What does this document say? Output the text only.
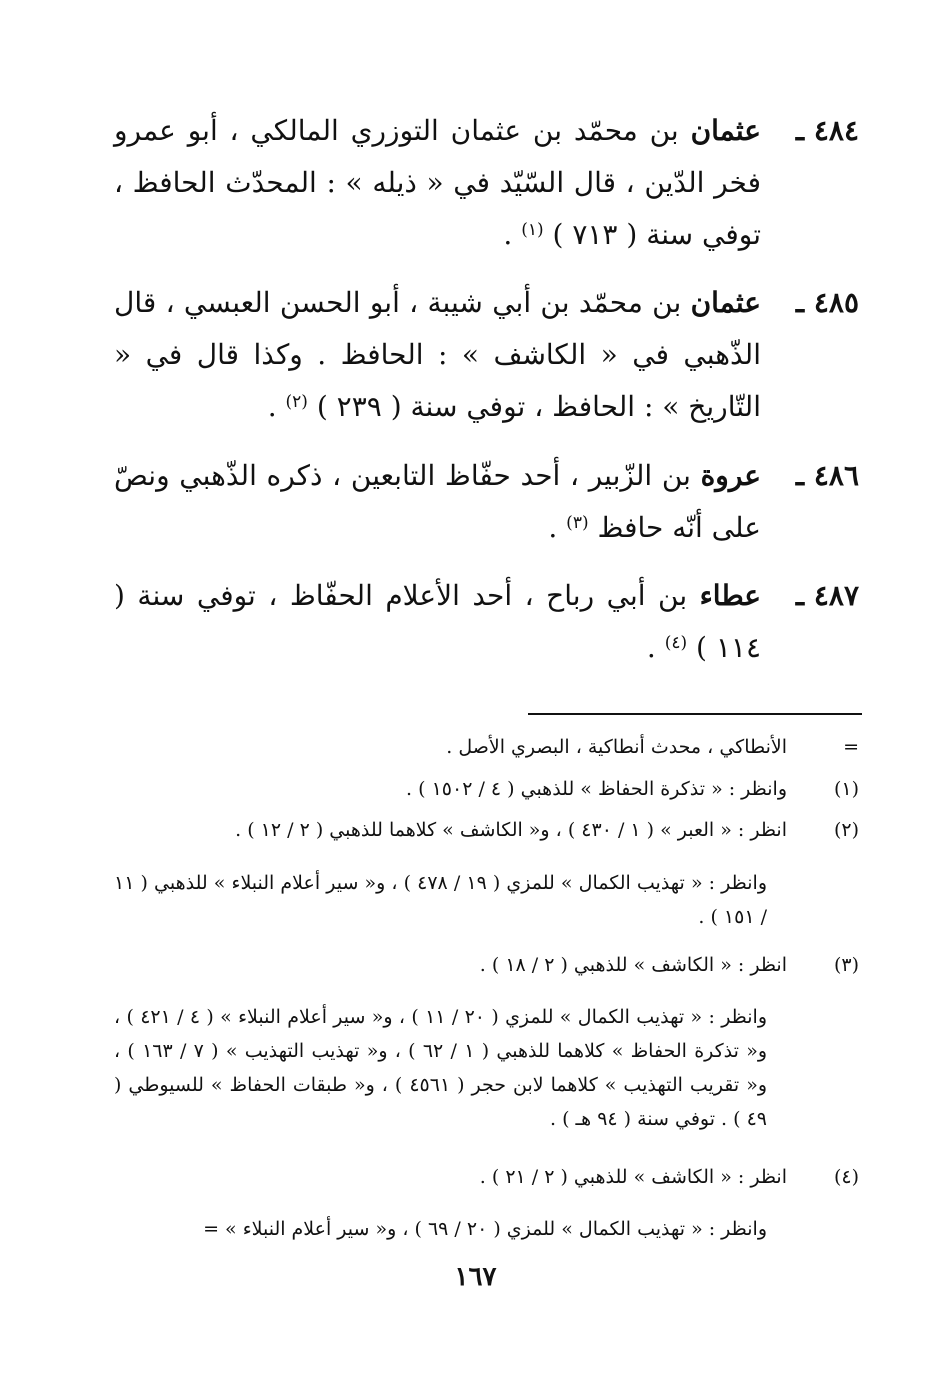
٤٨٤ ـ
عثمان بن محمّد بن عثمان التوزري المالكي ، أبو عمرو فخر الدّين ، قال السّيّد في « ذيله » : المحدّث الحافظ ، توفي سنة ( ٧١٣ ) $^{(١)}$ .
٤٨٥ ـ
عثمان بن محمّد بن أبي شيبة ، أبو الحسن العبسي ، قال الذّهبي في « الكاشف » : الحافظ . وكذا قال في « التّاريخ » : الحافظ ، توفي سنة ( ٢٣٩ ) $^{(٢)}$ .
٤٨٦ ـ
عروة بن الزّبير ، أحد حفّاظ التابعين ، ذكره الذّهبي ونصّ على أنّه حافظ $^{(٣)}$ .
٤٨٧ ـ
عطاء بن أبي رباح ، أحد الأعلام الحفّاظ ، توفي سنة ( ١١٤ ) $^{(٤)}$ .
=
الأنطاكي ، محدث أنطاكية ، البصري الأصل .
(١)
وانظر : « تذكرة الحفاظ » للذهبي ( ٤ / ١٥٠٢ ) .
(٢)
انظر : « العبر » ( ١ / ٤٣٠ ) ، و« الكاشف » كلاهما للذهبي ( ٢ / ١٢ ) .
وانظر : « تهذيب الكمال » للمزي ( ١٩ / ٤٧٨ ) ، و« سير أعلام النبلاء » للذهبي ( ١١ / ١٥١ ) .
(٣)
انظر : « الكاشف » للذهبي ( ٢ / ١٨ ) .
وانظر : « تهذيب الكمال » للمزي ( ٢٠ / ١١ ) ، و« سير أعلام النبلاء » ( ٤ / ٤٢١ ) ، و« تذكرة الحفاظ » كلاهما للذهبي ( ١ / ٦٢ ) ، و« تهذيب التهذيب » ( ٧ / ١٦٣ ) ، و« تقريب التهذيب » كلاهما لابن حجر ( ٤٥٦١ ) ، و« طبقات الحفاظ » للسيوطي ( ٤٩ ) . توفي سنة ( ٩٤ هـ ) .
(٤)
انظر : « الكاشف » للذهبي ( ٢ / ٢١ ) .
وانظر : « تهذيب الكمال » للمزي ( ٢٠ / ٦٩ ) ، و« سير أعلام النبلاء » =
١٦٧
